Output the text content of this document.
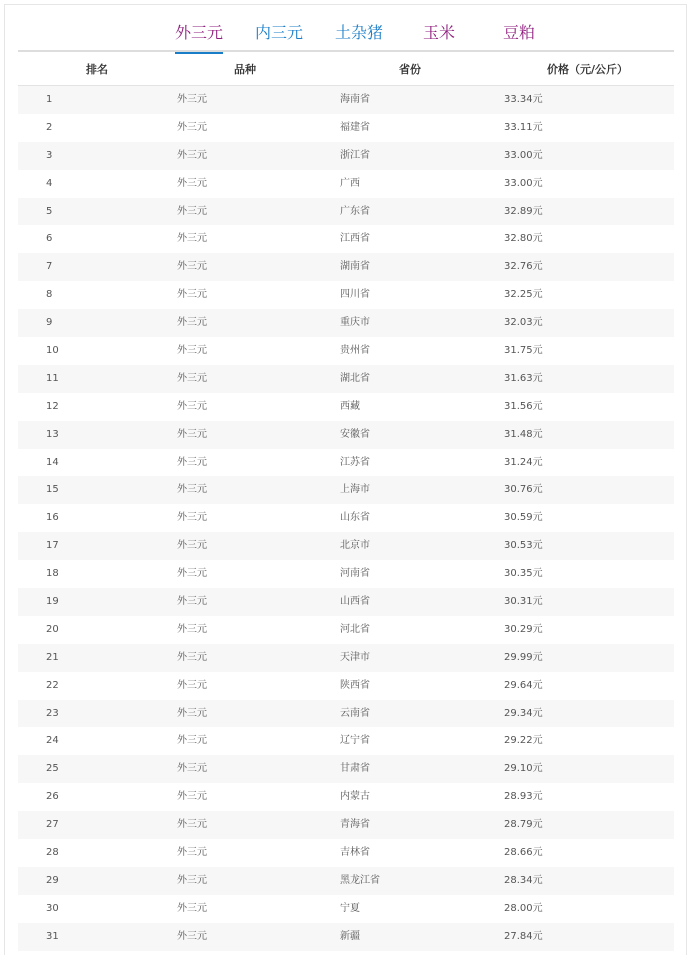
外三元 内三元 土杂猪 玉米	豆粕
排名	品种	省份	价格（元/公斤）
1	外三元	海南省	33.34元
2	外三元	福建省	33.11元
3	外三元	浙江省	33.00元
4	外三元	广西	33.00元
5	外三元	广东省	32.89元
6	外三元	江西省	32.80元
7	外三元	湖南省	32.76元
8	外三元	四川省	32.25元
9	外三元	重庆市	32.03元
10	外三元	贵州省	31.75元
11	外三元	湖北省	31.63元
12	外三元	西藏	31.56元
13	外三元	安徽省	31.48元
14	外三元	江苏省	31.24元
15	外三元	上海市	30.76元
16	外三元	山东省	30.59元
17	外三元	北京市	30.53元
18	外三元	河南省	30.35元
19	外三元	山西省	30.31元
20	外三元	河北省	30.29元
21	外三元	天津市	29.99元
22	外三元	陕西省	29.64元
23	外三元	云南省	29.34元
24	外三元	辽宁省	29.22元
25	外三元	甘肃省	29.10元
26	外三元	内蒙古	28.93元
27	外三元	青海省	28.79元
28	外三元	吉林省	28.66元
29	外三元	黑龙江省	28.34元
30	外三元	宁夏	28.00元
31	外三元	新疆	27.84元
